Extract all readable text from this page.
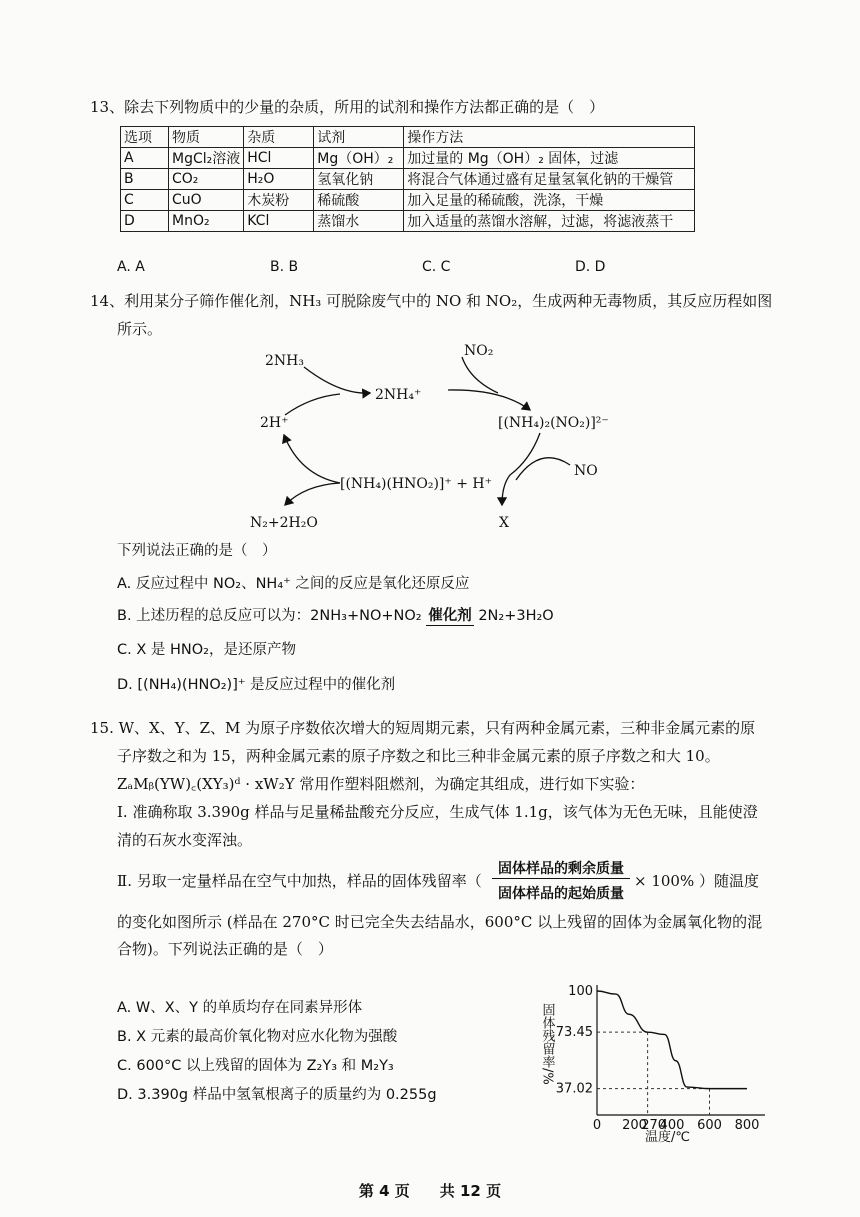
13、除去下列物质中的少量的杂质，所用的试剂和操作方法都正确的是（　）
选项	物质	杂质	试剂	操作方法
A	MgCl₂溶液	HCl	Mg（OH）₂	加过量的 Mg（OH）₂ 固体，过滤
B	CO₂	H₂O	氢氧化钠	将混合气体通过盛有足量氢氧化钠的干燥管
C	CuO	木炭粉	稀硫酸	加入足量的稀硫酸，洗涤，干燥
D	MnO₂	KCl	蒸馏水	加入适量的蒸馏水溶解，过滤，将滤液蒸干
A. A	B. B	C. C	D. D
14、利用某分子筛作催化剂，NH₃ 可脱除废气中的 NO 和 NO₂，生成两种无毒物质，其反应历程如图
所示。
2NH₃
2NH₄⁺
NO₂
2H⁺	[(NH₄)₂(NO₂)]²⁻
NO
[(NH₄)(HNO₂)]⁺ + H⁺
N₂+2H₂O	X
下列说法正确的是（　）
A. 反应过程中 NO₂、NH₄⁺ 之间的反应是氧化还原反应
B. 上述历程的总反应可以为：2NH₃+NO+NO₂ 催化剂 2N₂+3H₂O
C. X 是 HNO₂，是还原产物
D. [(NH₄)(HNO₂)]⁺ 是反应过程中的催化剂
15. W、X、Y、Z、M 为原子序数依次增大的短周期元素，只有两种金属元素，三种非金属元素的原
子序数之和为 15，两种金属元素的原子序数之和比三种非金属元素的原子序数之和大 10。
ZₐMᵦ(YW)꜀(XY₃)ᵈ · xW₂Y 常用作塑料阻燃剂，为确定其组成，进行如下实验：
Ⅰ. 准确称取 3.390g 样品与足量稀盐酸充分反应，生成气体 1.1g，该气体为无色无味，且能使澄
清的石灰水变浑浊。
Ⅱ. 另取一定量样品在空气中加热，样品的固体残留率（
固体样品的剩余质量
固体样品的起始质量
× 100% ）随温度
的变化如图所示 (样品在 270°C 时已完全失去结晶水，600°C 以上残留的固体为金属氧化物的混
合物)。下列说法正确的是（　）
A. W、X、Y 的单质均存在同素异形体
B. X 元素的最高价氧化物对应水化物为强酸
C. 600°C 以上残留的固体为 Z₂Y₃ 和 M₂Y₃
D. 3.390g 样品中氢氧根离子的质量约为 0.255g
100
73.45
37.02
0 200
270
400 600 800
固体残留率/%
温度/℃
第 4 页　　共 12 页
